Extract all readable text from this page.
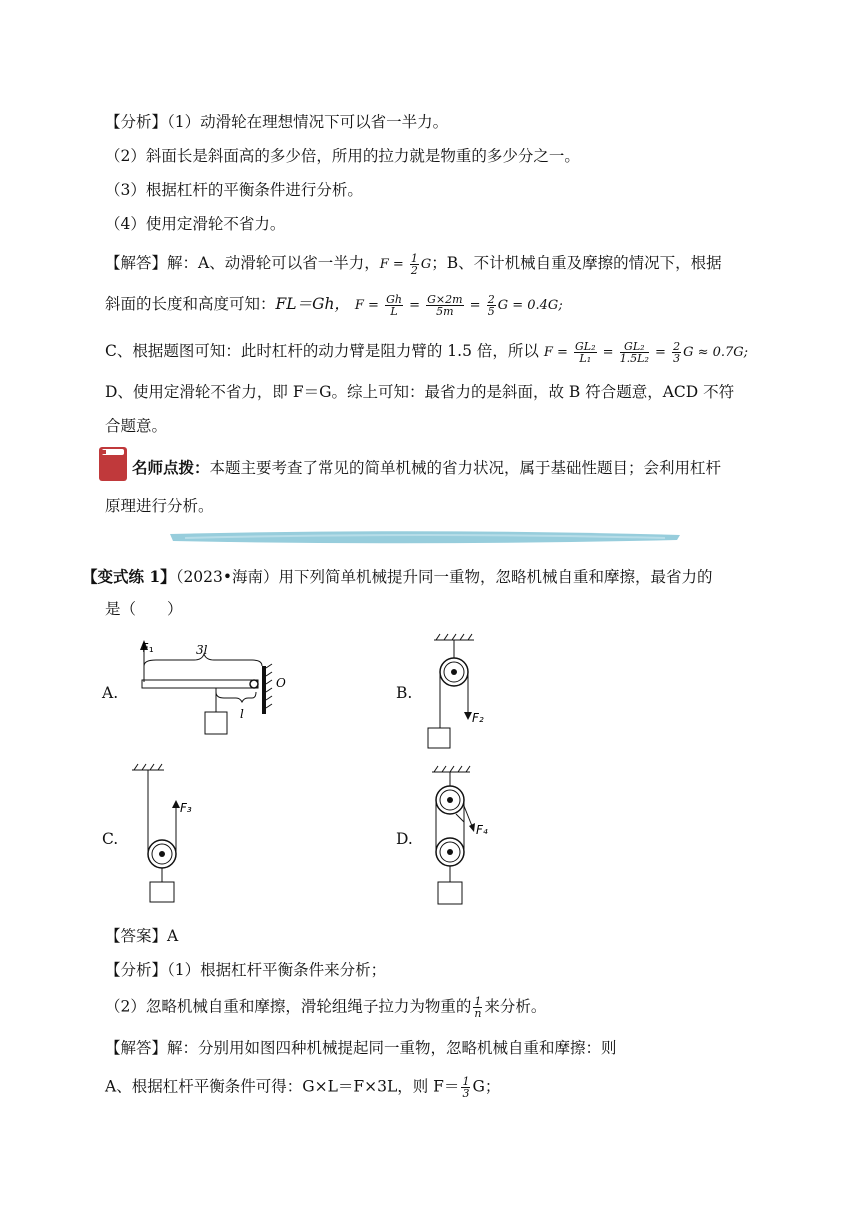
【分析】（1）动滑轮在理想情况下可以省一半力。
（2）斜面长是斜面高的多少倍，所用的拉力就是物重的多少分之一。
（3）根据杠杆的平衡条件进行分析。
（4）使用定滑轮不省力。
【解答】解：A、动滑轮可以省一半力，$F = \frac{1}{2}$ G；B、不计机械自重及摩擦的情况下，根据
斜面的长度和高度可知：FL＝Gh， $F = \frac{Gh}{L} = \frac{G\times 2m}{5m} = \frac{2}{5}$ G = 0.4G;
C、根据题图可知：此时杠杆的动力臂是阻力臂的 1.5 倍，所以 $F = \frac{\text{GL₂}}{\text{L₁}} = \frac{\text{GL₂}}{\text{1.5L₂}} = \frac{2}{3}$ G ≈ 0.7G;
D、使用定滑轮不省力，即 F＝G。综上可知：最省力的是斜面，故 B 符合题意，ACD 不符
合题意。
名师点拨：本题主要考查了常见的简单机械的省力状况，属于基础性题目；会利用杠杆
原理进行分析。
【变式练 1】（2023•海南）用下列简单机械提升同一重物，忽略机械自重和摩擦，最省力的
是（　　）
A.	B.
C.	D.
F₁	3l
O
l	F₂
F₃
F₄
【答案】A
【分析】（1）根据杠杆平衡条件来分析；
（2）忽略机械自重和摩擦，滑轮组绳子拉力为物重的 $\frac{1}{n}$ 来分析。
【解答】解：分别用如图四种机械提起同一重物，忽略机械自重和摩擦：则
A、根据杠杆平衡条件可得：G×L＝F×3L，则 $F= \frac{1}{3}$ G；
